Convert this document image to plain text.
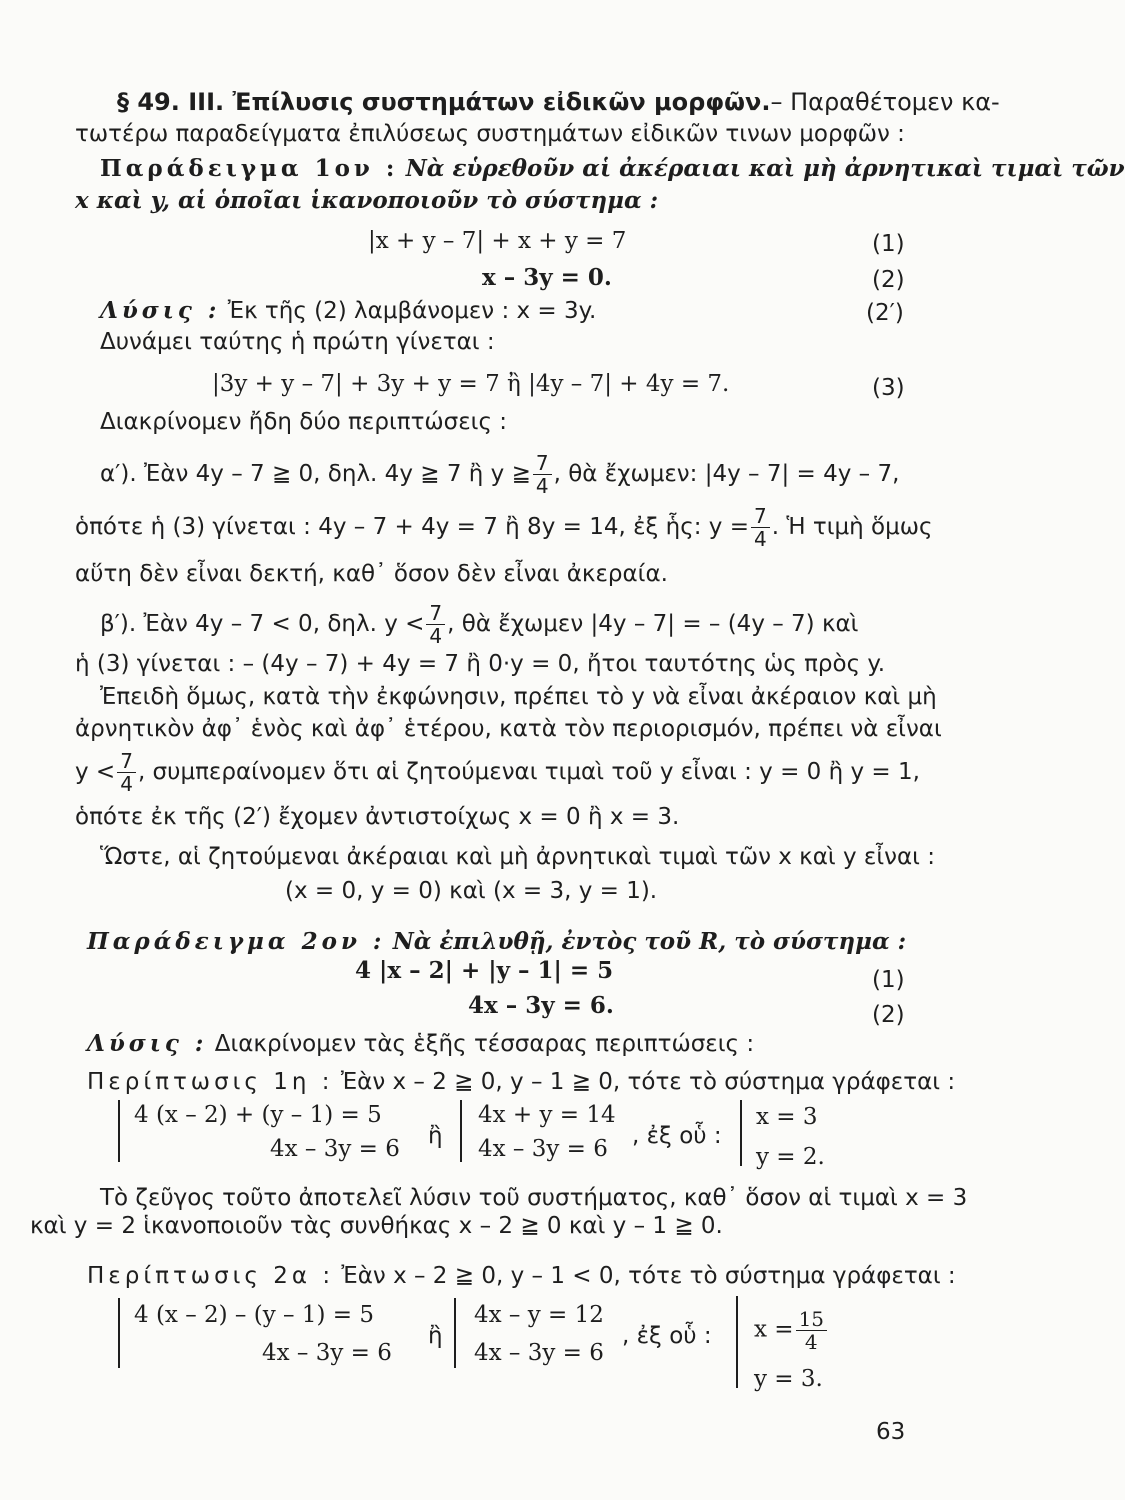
§ 49. ΙΙΙ. Ἐπίλυσις συστημάτων εἰδικῶν μορφῶν.– Παραθέτομεν κα-
τωτέρω παραδείγματα ἐπιλύσεως συστημάτων εἰδικῶν τινων μορφῶν :
Παράδειγμα 1ον : Νὰ εὑρεθοῦν αἱ ἀκέραιαι καὶ μὴ ἀρνητικαὶ τιμαὶ τῶν
x καὶ y, αἱ ὁποῖαι ἱκανοποιοῦν τὸ σύστημα :
|x + y – 7| + x + y = 7	(1)
x – 3y = 0.	(2)
Λύσις : Ἐκ τῆς (2) λαμβάνομεν : x = 3y.	(2′)
Δυνάμει ταύτης ἡ πρώτη γίνεται :
|3y + y – 7| + 3y + y = 7 ἢ |4y – 7| + 4y = 7.	(3)
Διακρίνομεν ἤδη δύο περιπτώσεις :
α′). Ἐὰν 4y – 7 ≧ 0, δηλ. 4y ≧ 7 ἢ y ≧ $\frac{7}{4}$ , θὰ ἔχωμεν: |4y – 7| = 4y – 7,
ὁπότε ἡ (3) γίνεται : 4y – 7 + 4y = 7 ἢ 8y = 14, ἐξ ἧς: $y = \frac{7}{4}$ . Ἡ τιμὴ ὅμως
αὕτη δὲν εἶναι δεκτή, καθ᾽ ὅσον δὲν εἶναι ἀκεραία.
β′). Ἐὰν 4y – 7 < 0, δηλ. $y < \frac{7}{4}$ , θὰ ἔχωμεν |4y – 7| = – (4y – 7) καὶ
ἡ (3) γίνεται : – (4y – 7) + 4y = 7 ἢ 0·y = 0, ἤτοι ταυτότης ὡς πρὸς y.
Ἐπειδὴ ὅμως, κατὰ τὴν ἐκφώνησιν, πρέπει τὸ y νὰ εἶναι ἀκέραιον καὶ μὴ
ἀρνητικὸν ἀφ᾽ ἑνὸς καὶ ἀφ᾽ ἑτέρου, κατὰ τὸν περιορισμόν, πρέπει νὰ εἶναι
$y < \frac{7}{4}$ , συμπεραίνομεν ὅτι αἱ ζητούμεναι τιμαὶ τοῦ y εἶναι : y = 0 ἢ y = 1,
ὁπότε ἐκ τῆς (2′) ἔχομεν ἀντιστοίχως x = 0 ἢ x = 3.
Ὥστε, αἱ ζητούμεναι ἀκέραιαι καὶ μὴ ἀρνητικαὶ τιμαὶ τῶν x καὶ y εἶναι :
(x = 0, y = 0) καὶ (x = 3, y = 1).
Παράδειγμα 2ον : Νὰ ἐπιλυθῇ, ἐντὸς τοῦ R, τὸ σύστημα :
4 |x – 2| + |y – 1| = 5	(1)
4x – 3y = 6.	(2)
Λύσις : Διακρίνομεν τὰς ἑξῆς τέσσαρας περιπτώσεις :
Περίπτωσις 1η : Ἐὰν x – 2 ≧ 0, y – 1 ≧ 0, τότε τὸ σύστημα γράφεται :
4 (x – 2) + (y – 1) = 5
4x – 3y = 6 ἢ
4x + y = 14
4x – 3y = 6 , ἐξ οὗ :
x = 3
y = 2.
Τὸ ζεῦγος τοῦτο ἀποτελεῖ λύσιν τοῦ συστήματος, καθ᾽ ὅσον αἱ τιμαὶ x = 3
καὶ y = 2 ἱκανοποιοῦν τὰς συνθήκας x – 2 ≧ 0 καὶ y – 1 ≧ 0.
Περίπτωσις 2α : Ἐὰν x – 2 ≧ 0, y – 1 < 0, τότε τὸ σύστημα γράφεται :
4 (x – 2) – (y – 1) = 5
4x – 3y = 6
ἢ
4x – y = 12
4x – 3y = 6
, ἐξ οὗ : $x = \frac{15}{4}$
y = 3.
63
